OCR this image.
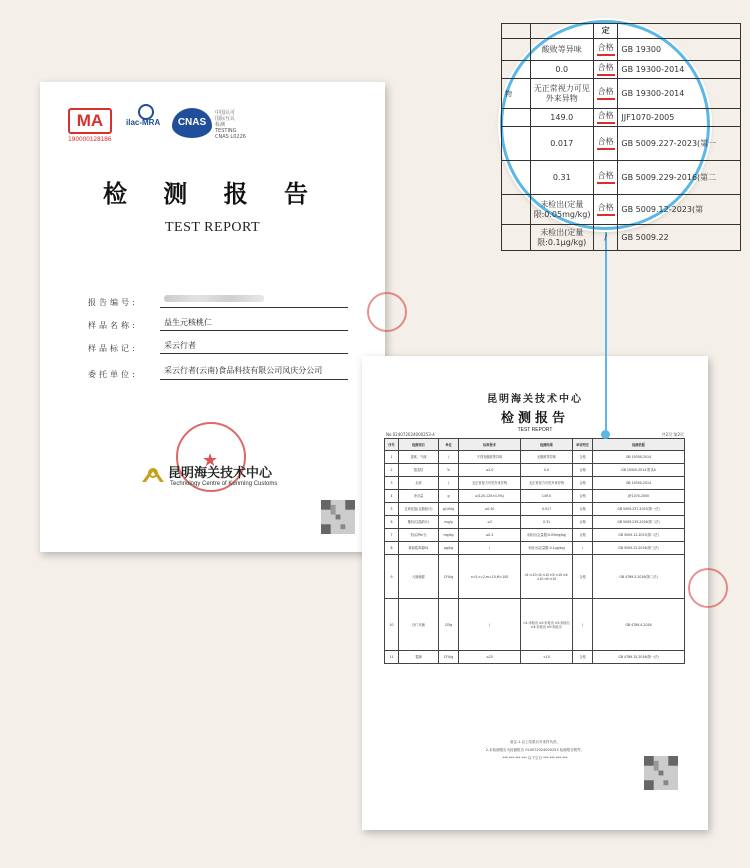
MA
190000128186
ilac-MRA	CNAS
中国认可
国际互认
检测
TESTING
CNAS L0226
检 测 报 告
TEST REPORT
报告编号:
样品名称:	益生元核桃仁
样品标记:	采云行者
委托单位:	采云行者(云南)食品科技有限公司凤庆分公司
★
昆明海关技术中心
Technology Centre of Kunming Customs
昆明海关技术中心
检测报告
TEST REPORT
No.024072024000253-4	共2页 第2页
序号	检测项目	单位	标准要求	检测结果	单项判定	检测依据
1	滋味、气味	/	不得有酸败等异味	无酸败等异味	合格	GB 19300-2014
2	霉变粒	%	≤2.0	0.0	合格	GB 19300-2014 附录A
3	杂质	/	无正常视力可见外来异物	无正常视力可见外来异物	合格	GB 19300-2014
4	净含量	g	≥(120-120×4.5%)	149.0	合格	JJF1070-2005
5	过氧化值(以脂肪计)	g/100g	≤0.50	0.017	合格	GB 5009.227-2023(第一法)
6	酸价(以脂肪计)	mg/g	≤3	0.31	合格	GB 5009.229-2016(第二法)
7	铅(以Pb计)	mg/kg	≤0.2	未检出(定量限:0.05mg/kg)	合格	GB 5009.12-2023(第二法)
8	黄曲霉毒素B1	μg/kg	/	未检出(定量限:0.1μg/kg)	/	GB 5009.22-2016(第三法)
9	大肠菌群	CFU/g	n=5,c=2,m=10,M=100	n1:<10 n2:<10 n3:<10 n4:<10 n5:<10	合格	GB 4789.3-2016(第二法)
10	沙门氏菌	/25g	/	n1:未检出 n2:未检出 n3:未检出 n4:未检出 n5:未检出	/	GB 4789.4-2016
11	霉菌	CFU/g	≤25	<10	合格	GB 4789.15-2016(第一法)
备注:1.以上结果仅对来样负责。
2.本检测报告为检测报告 024072024000253 检测报告附件。
*** *** *** *** 以下空白 *** *** *** ***
		定	
	酸败等异味	合格	GB 19300
	0.0	合格	GB 19300-2014
物	无正常视力可见外来异物	合格	GB 19300-2014
	149.0	合格	JJF1070-2005
	0.017	合格	GB 5009.227-2023(第一
	0.31	合格	GB 5009.229-2016(第二
	未检出(定量限:0.05mg/kg)	合格	GB 5009.12-2023(第
	未检出(定量限:0.1μg/kg)	/	GB 5009.22
